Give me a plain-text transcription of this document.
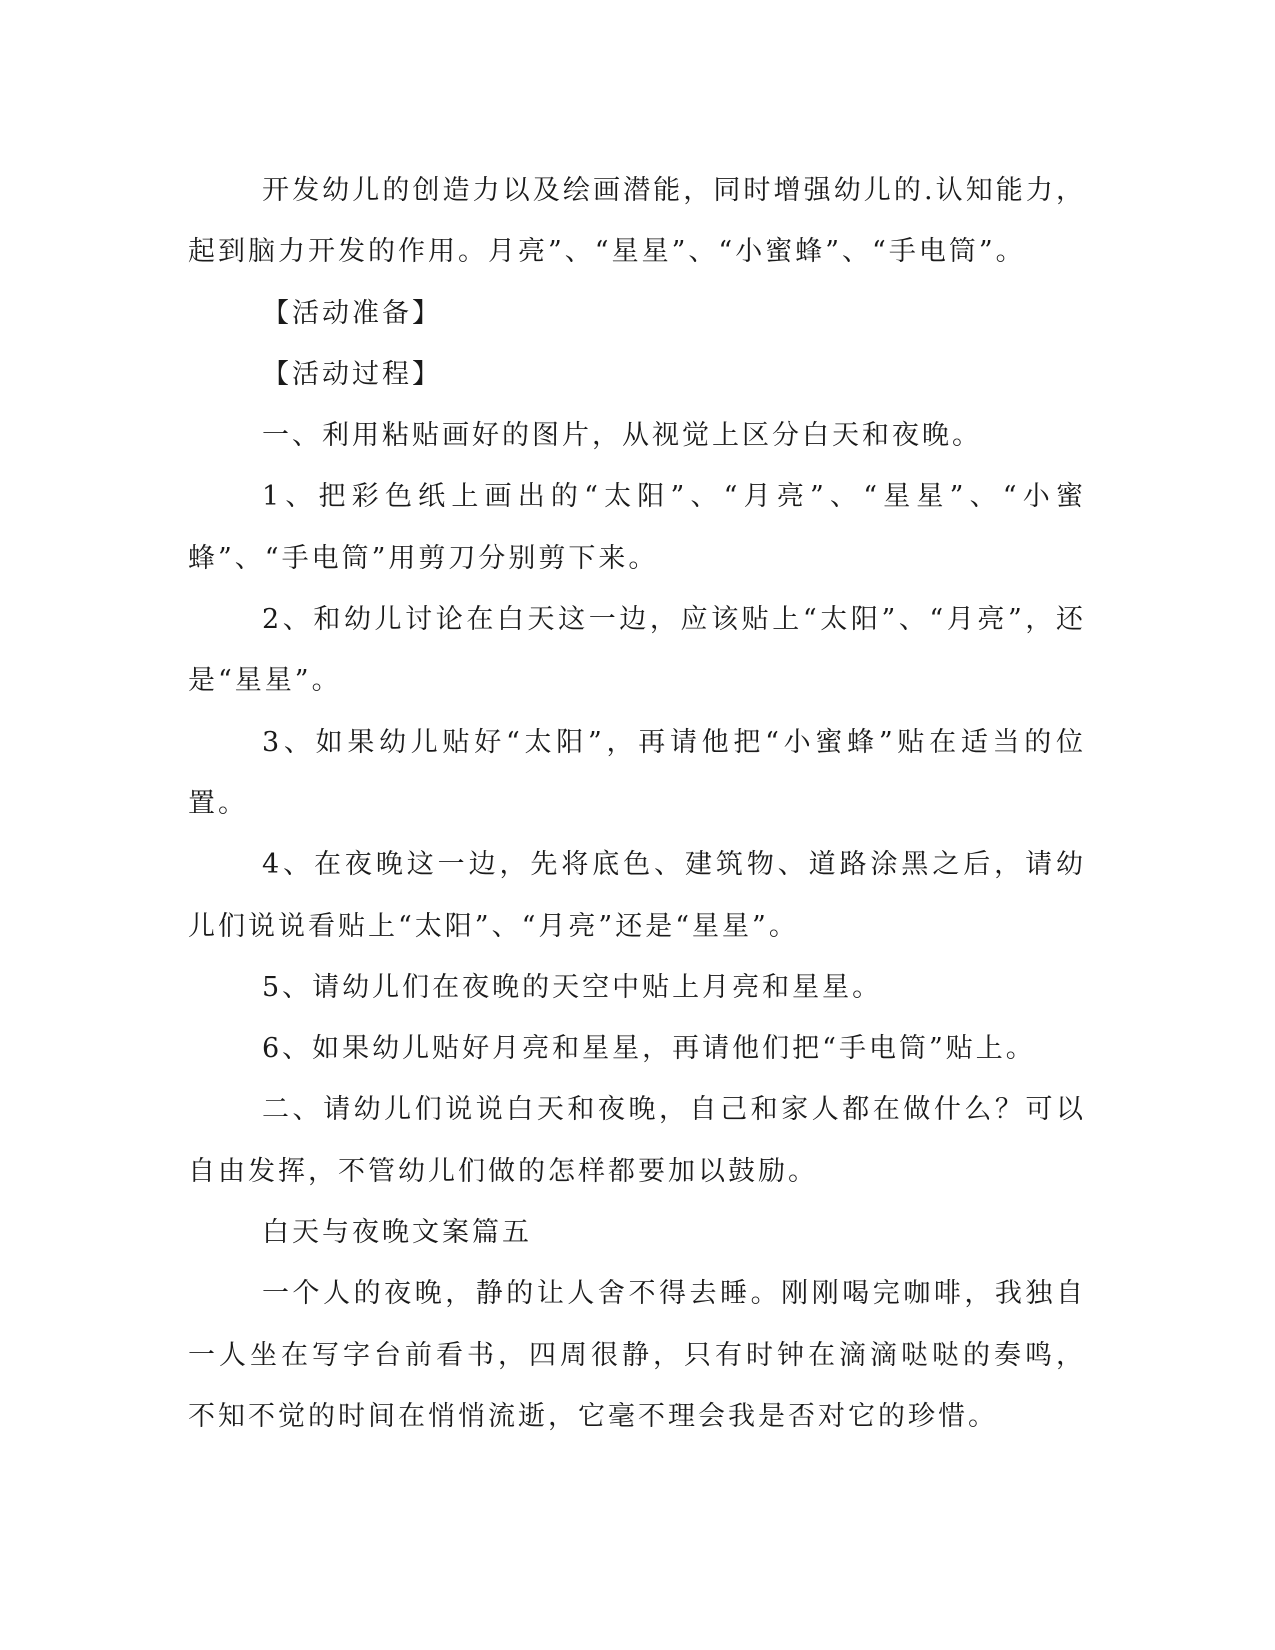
开发幼儿的创造力以及绘画潜能，同时增强幼儿的.认知能力，起到脑力开发的作用。月亮”、“星星”、“小蜜蜂”、“手电筒”。

【活动准备】

【活动过程】

一、利用粘贴画好的图片，从视觉上区分白天和夜晚。

1、把彩色纸上画出的“太阳”、“月亮”、“星星”、“小蜜蜂”、“手电筒”用剪刀分别剪下来。

2、和幼儿讨论在白天这一边，应该贴上“太阳”、“月亮”，还是“星星”。

3、如果幼儿贴好“太阳”，再请他把“小蜜蜂”贴在适当的位置。

4、在夜晚这一边，先将底色、建筑物、道路涂黑之后，请幼儿们说说看贴上“太阳”、“月亮”还是“星星”。

5、请幼儿们在夜晚的天空中贴上月亮和星星。

6、如果幼儿贴好月亮和星星，再请他们把“手电筒”贴上。

二、请幼儿们说说白天和夜晚，自己和家人都在做什么？可以自由发挥，不管幼儿们做的怎样都要加以鼓励。

白天与夜晚文案篇五

一个人的夜晚，静的让人舍不得去睡。刚刚喝完咖啡，我独自一人坐在写字台前看书，四周很静，只有时钟在滴滴哒哒的奏鸣，不知不觉的时间在悄悄流逝，它毫不理会我是否对它的珍惜。
